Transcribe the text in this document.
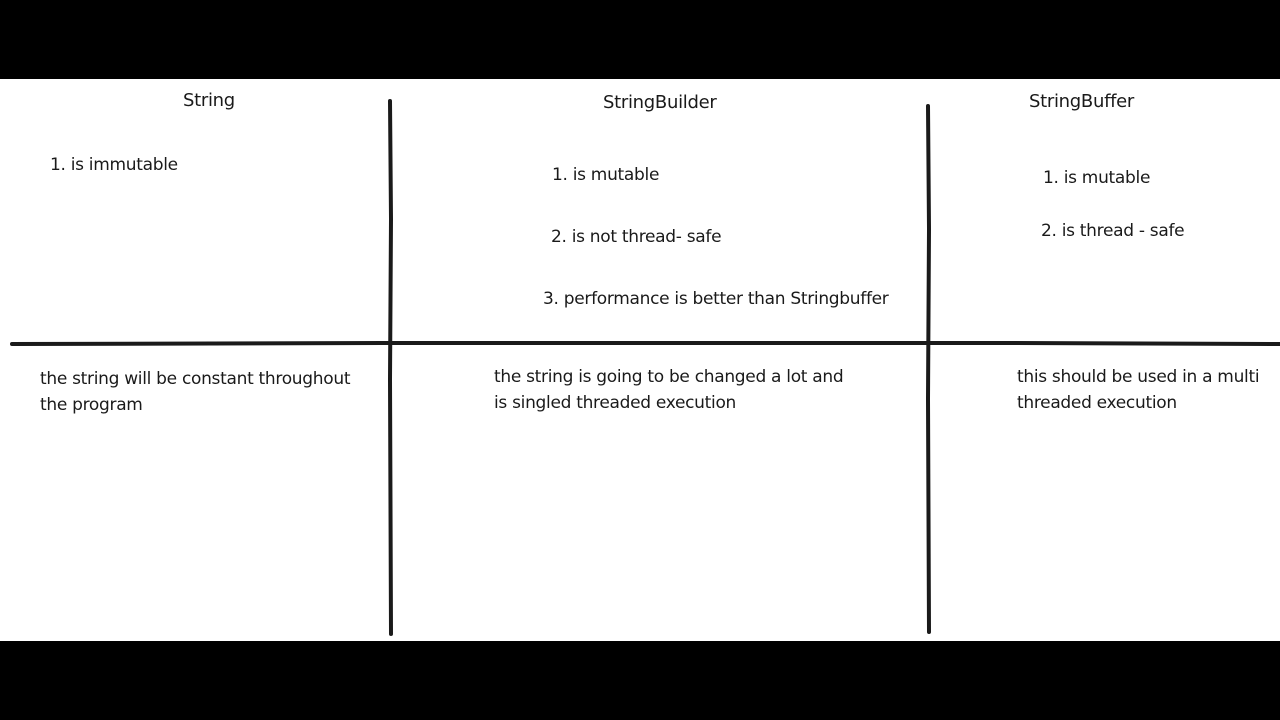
String
1. is immutable
the string will be constant throughout
the program
StringBuilder
1. is mutable
2. is not thread- safe
3. performance is better than Stringbuffer
the string is going to be changed a lot and
is singled threaded execution
StringBuffer
1. is mutable
2. is thread - safe
this should be used in a multi
threaded execution
